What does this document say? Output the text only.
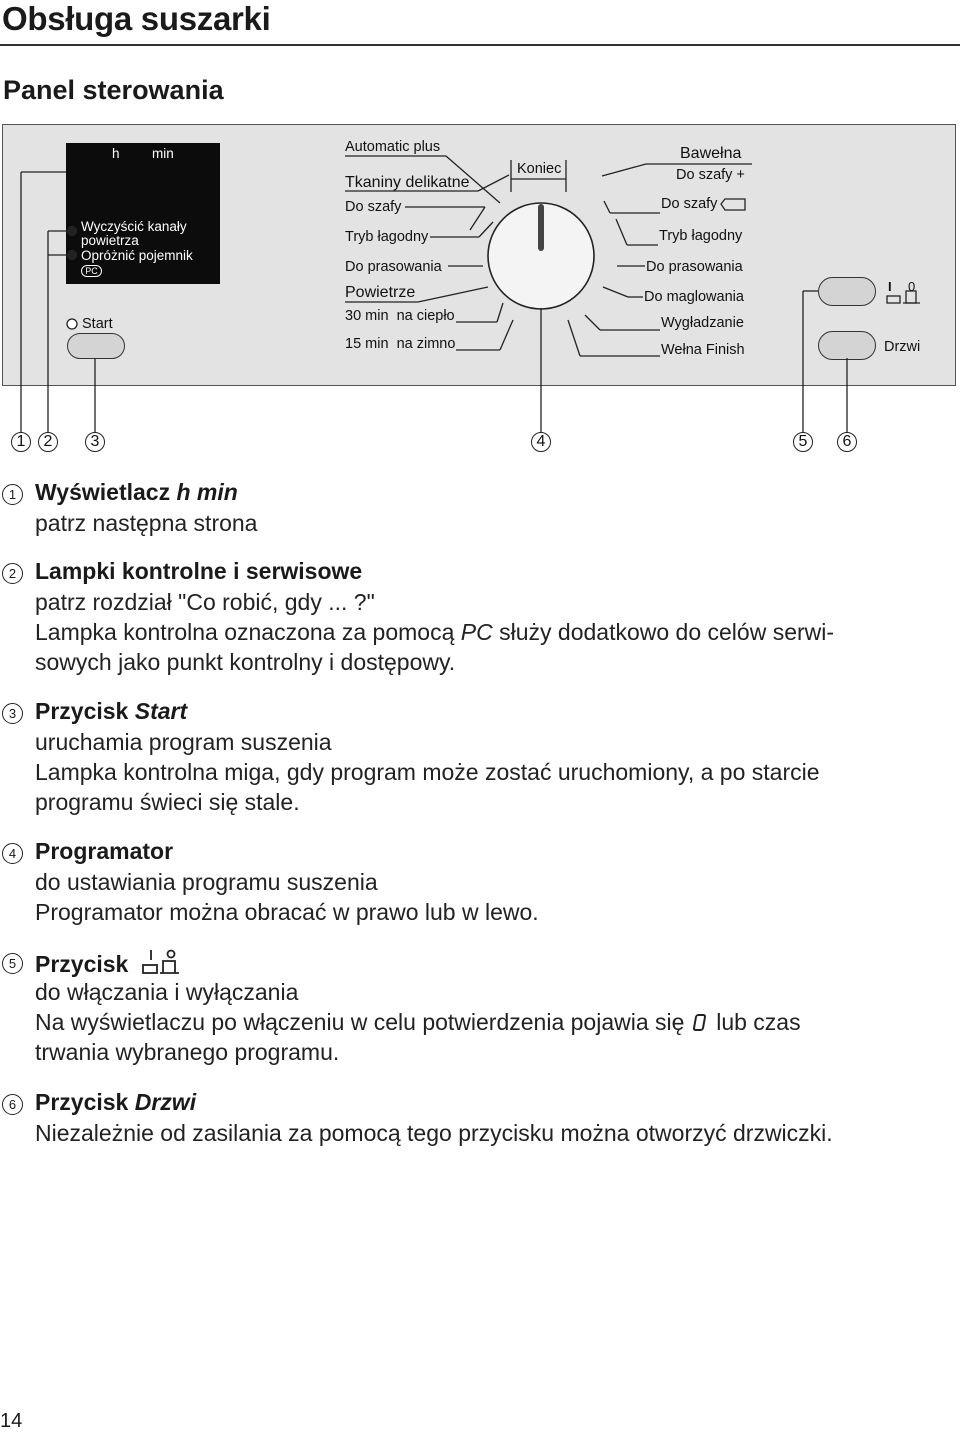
Obsługa suszarki
Panel sterowania
h min
Wyczyścić kanały
powietrza
Opróżnić pojemnik
PC
Start
Automatic plus
Tkaniny delikatne
Do szafy
Tryb łagodny
Do prasowania
Powietrze
30 min  na ciepło
15 min  na zimno
Koniec
Bawełna
Do szafy +
Do szafy
Tryb łagodny
Do prasowania
Do maglowania
Wygładzanie
Wełna Finish
I 0
Drzwi
1	2	3	4	5	6
1 Wyświetlacz h min
patrz następna strona
2 Lampki kontrolne i serwisowe
patrz rozdział "Co robić, gdy ... ?"
Lampka kontrolna oznaczona za pomocą PC służy dodatkowo do celów serwi-
sowych jako punkt kontrolny i dostępowy.
3 Przycisk Start
uruchamia program suszenia
Lampka kontrolna miga, gdy program może zostać uruchomiony, a po starcie
programu świeci się stale.
4 Programator
do ustawiania programu suszenia
Programator można obracać w prawo lub w lewo.
5 Przycisk
do włączania i wyłączania
Na wyświetlaczu po włączeniu w celu potwierdzenia pojawia się  lub czas
trwania wybranego programu.
6 Przycisk Drzwi
Niezależnie od zasilania za pomocą tego przycisku można otworzyć drzwiczki.
14
